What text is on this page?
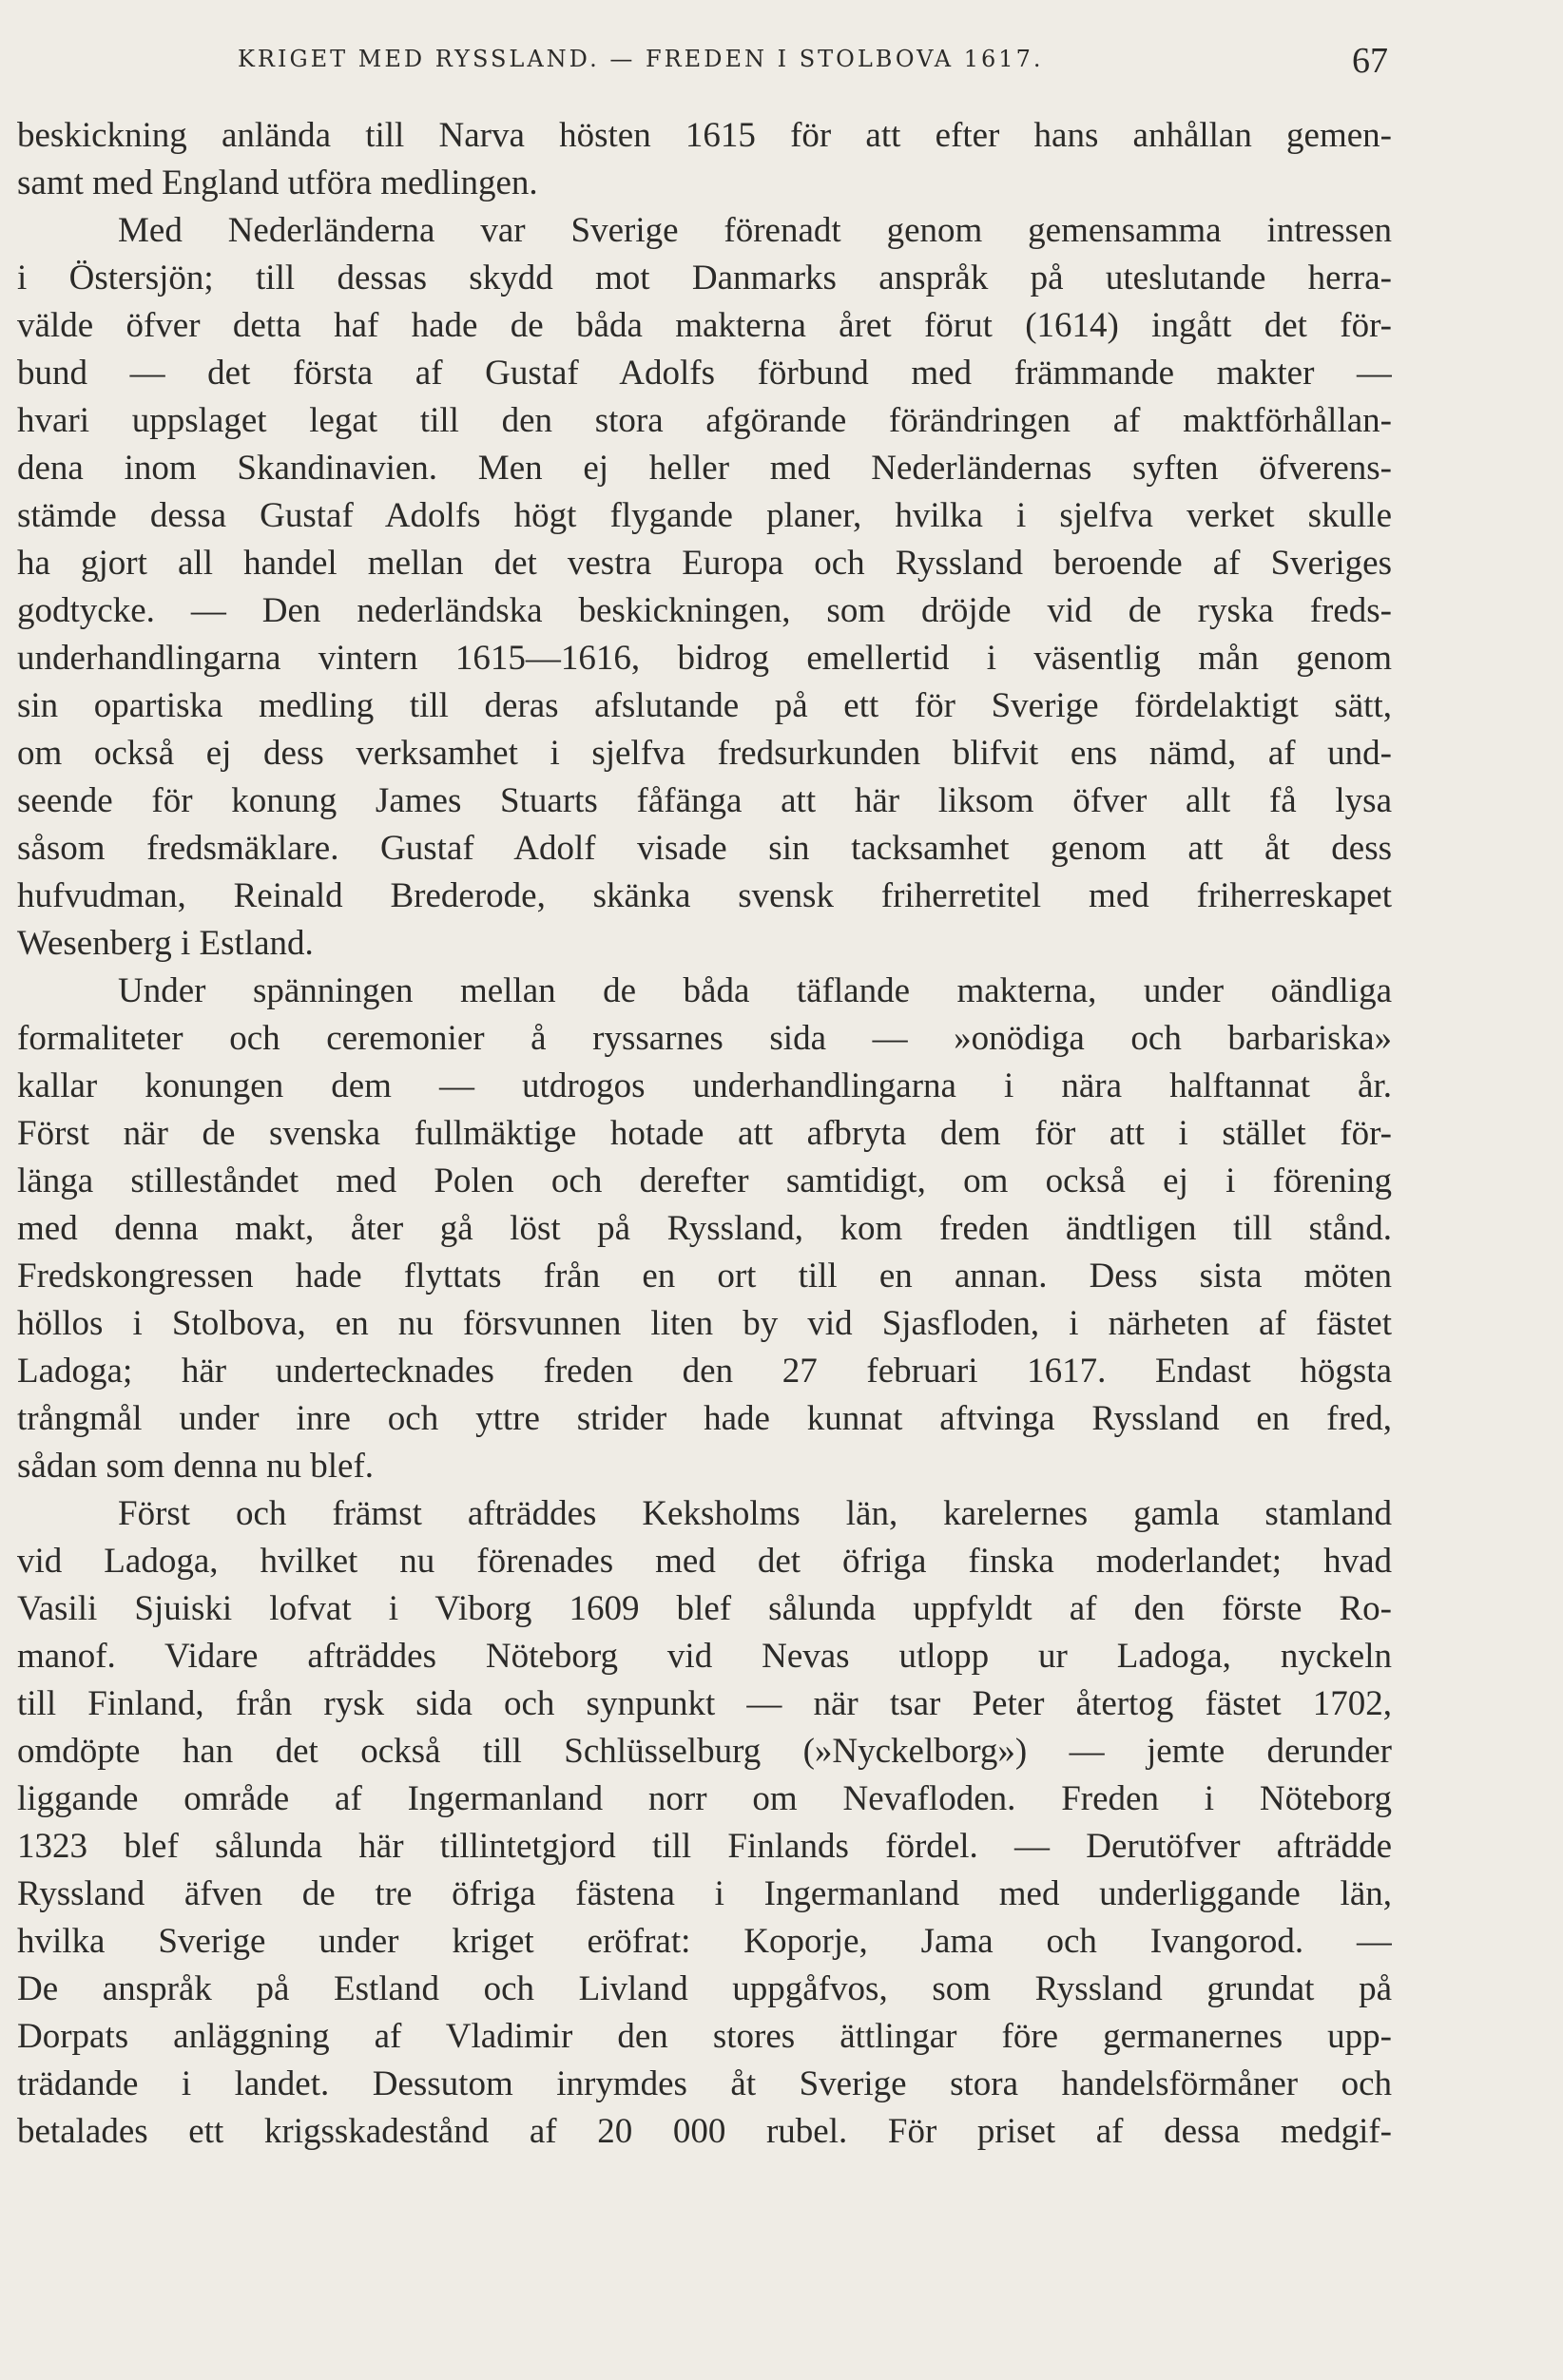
KRIGET MED RYSSLAND. — FREDEN I STOLBOVA 1617.	67
beskickning anlända till Narva hösten 1615 för att efter hans anhållan gemen-
samt med England utföra medlingen.
Med Nederländerna var Sverige förenadt genom gemensamma intressen
i Östersjön; till dessas skydd mot Danmarks anspråk på uteslutande herra-
välde öfver detta haf hade de båda makterna året förut (1614) ingått det för-
bund — det första af Gustaf Adolfs förbund med främmande makter —
hvari uppslaget legat till den stora afgörande förändringen af maktförhållan-
dena inom Skandinavien. Men ej heller med Nederländernas syften öfverens-
stämde dessa Gustaf Adolfs högt flygande planer, hvilka i sjelfva verket skulle
ha gjort all handel mellan det vestra Europa och Ryssland beroende af Sveriges
godtycke. — Den nederländska beskickningen, som dröjde vid de ryska freds-
underhandlingarna vintern 1615—1616, bidrog emellertid i väsentlig mån genom
sin opartiska medling till deras afslutande på ett för Sverige fördelaktigt sätt,
om också ej dess verksamhet i sjelfva fredsurkunden blifvit ens nämd, af und-
seende för konung James Stuarts fåfänga att här liksom öfver allt få lysa
såsom fredsmäklare. Gustaf Adolf visade sin tacksamhet genom att åt dess
hufvudman, Reinald Brederode, skänka svensk friherretitel med friherreskapet
Wesenberg i Estland.
Under spänningen mellan de båda täflande makterna, under oändliga
formaliteter och ceremonier å ryssarnes sida — »onödiga och barbariska»
kallar konungen dem — utdrogos underhandlingarna i nära halftannat år.
Först när de svenska fullmäktige hotade att afbryta dem för att i stället för-
länga stilleståndet med Polen och derefter samtidigt, om också ej i förening
med denna makt, åter gå löst på Ryssland, kom freden ändtligen till stånd.
Fredskongressen hade flyttats från en ort till en annan. Dess sista möten
höllos i Stolbova, en nu försvunnen liten by vid Sjasfloden, i närheten af fästet
Ladoga; här undertecknades freden den 27 februari 1617. Endast högsta
trångmål under inre och yttre strider hade kunnat aftvinga Ryssland en fred,
sådan som denna nu blef.
Först och främst afträddes Keksholms län, karelernes gamla stamland
vid Ladoga, hvilket nu förenades med det öfriga finska moderlandet; hvad
Vasili Sjuiski lofvat i Viborg 1609 blef sålunda uppfyldt af den förste Ro-
manof. Vidare afträddes Nöteborg vid Nevas utlopp ur Ladoga, nyckeln
till Finland, från rysk sida och synpunkt — när tsar Peter återtog fästet 1702,
omdöpte han det också till Schlüsselburg (»Nyckelborg») — jemte derunder
liggande område af Ingermanland norr om Nevafloden. Freden i Nöteborg
1323 blef sålunda här tillintetgjord till Finlands fördel. — Derutöfver afträdde
Ryssland äfven de tre öfriga fästena i Ingermanland med underliggande län,
hvilka Sverige under kriget eröfrat: Koporje, Jama och Ivangorod. —
De anspråk på Estland och Livland uppgåfvos, som Ryssland grundat på
Dorpats anläggning af Vladimir den stores ättlingar före germanernes upp-
trädande i landet. Dessutom inrymdes åt Sverige stora handelsförmåner och
betalades ett krigsskadestånd af 20 000 rubel. För priset af dessa medgif-
